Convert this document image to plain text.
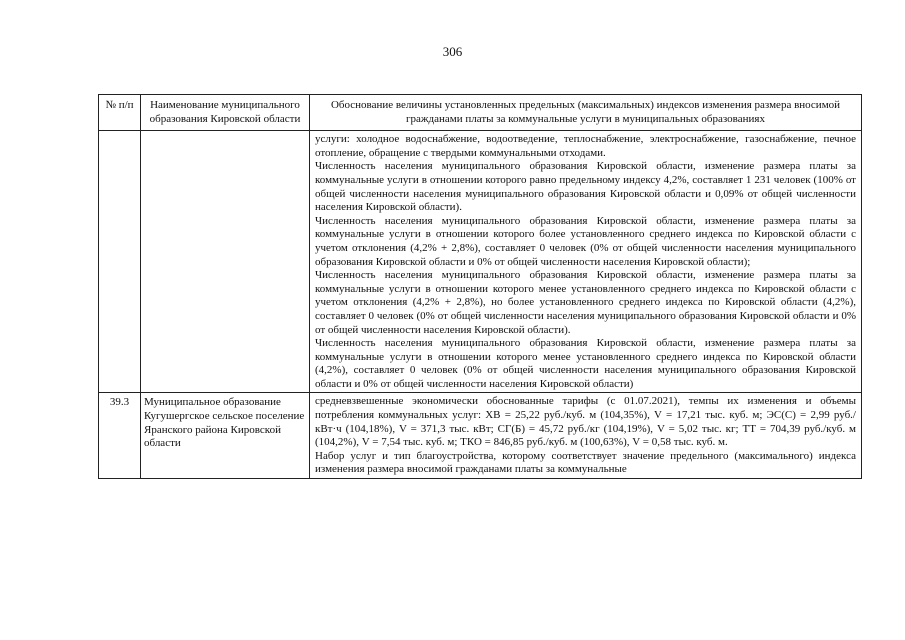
306
№ п/п	Наименование муниципального образования Кировской области	Обоснование величины установленных предельных (максимальных) индексов изменения размера вносимой гражданами платы за коммунальные услуги в муниципальных образованиях

		услуги: холодное водоснабжение, водоотведение, теплоснабжение, электроснабжение, газоснабжение, печное отопление, обращение с твердыми коммунальными отходами.

Численность населения муниципального образования Кировской области, изменение размера платы за коммунальные услуги в отношении которого равно предельному индексу 4,2%, составляет 1 231 человек (100% от общей численности населения муниципального образования Кировской области и 0,09% от общей численности населения Кировской области).

Численность населения муниципального образования Кировской области, изменение размера платы за коммунальные услуги в отношении которого более установленного среднего индекса по Кировской области с учетом отклонения (4,2% + 2,8%), составляет 0 человек (0% от общей численности населения муниципального образования Кировской области и 0% от общей численности населения Кировской области);

Численность населения муниципального образования Кировской области, изменение размера платы за коммунальные услуги в отношении которого менее установленного среднего индекса по Кировской области с учетом отклонения (4,2% + 2,8%), но более установленного среднего индекса по Кировской области (4,2%), составляет 0 человек (0% от общей численности населения муниципального образования Кировской области и 0% от общей численности населения Кировской области).

Численность населения муниципального образования Кировской области, изменение размера платы за коммунальные услуги в отношении которого менее установленного среднего индекса по Кировской области (4,2%), составляет 0 человек (0% от общей численности населения муниципального образования Кировской области и 0% от общей численности населения Кировской области)

39.3	Муниципальное образование Кугушергское сельское поселение Яранского района Кировской области	средневзвешенные экономически обоснованные тарифы (с 01.07.2021), темпы их изменения и объемы потребления коммунальных услуг: ХВ = 25,22 руб./куб. м (104,35%), V = 17,21 тыс. куб. м; ЭС(С) = 2,99 руб./кВт·ч (104,18%), V = 371,3 тыс. кВт; СГ(Б) = 45,72 руб./кг (104,19%), V = 5,02 тыс. кг; ТТ = 704,39 руб./куб. м (104,2%), V = 7,54 тыс. куб. м; ТКО = 846,85 руб./куб. м (100,63%), V = 0,58 тыс. куб. м.

Набор услуг и тип благоустройства, которому соответствует значение предельного (максимального) индекса изменения размера вносимой гражданами платы за коммунальные
